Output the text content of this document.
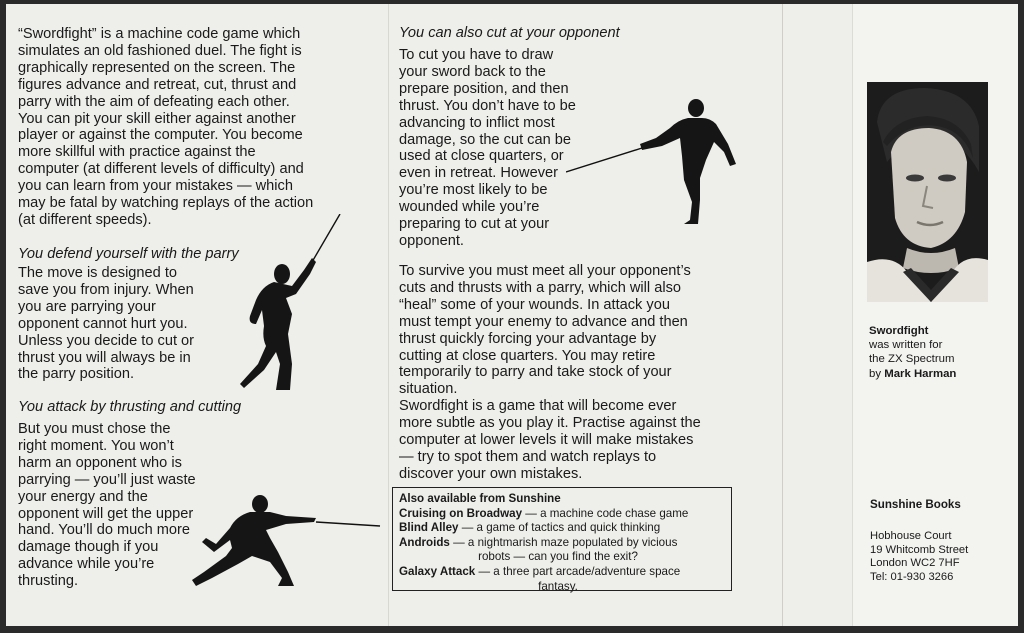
“Swordfight” is a machine code game which
simulates an old fashioned duel. The fight is
graphically represented on the screen. The
figures advance and retreat, cut, thrust and
parry with the aim of defeating each other.
You can pit your skill either against another
player or against the computer. You become
more skillful with practice against the
computer (at different levels of difficulty) and
you can learn from your mistakes — which
may be fatal by watching replays of the action
(at different speeds).
You defend yourself with the parry
The move is designed to
save you from injury. When
you are parrying your
opponent cannot hurt you.
Unless you decide to cut or
thrust you will always be in
the parry position.
You attack by thrusting and cutting
But you must chose the
right moment. You won’t
harm an opponent who is
parrying — you’ll just waste
your energy and the
opponent will get the upper
hand. You’ll do much more
damage though if you
advance while you’re
thrusting.
You can also cut at your opponent
To cut you have to draw
your sword back to the
prepare position, and then
thrust. You don’t have to be
advancing to inflict most
damage, so the cut can be
used at close quarters, or
even in retreat. However
you’re most likely to be
wounded while you’re
preparing to cut at your
opponent.
To survive you must meet all your opponent’s
cuts and thrusts with a parry, which will also
“heal” some of your wounds. In attack you
must tempt your enemy to advance and then
thrust quickly forcing your advantage by
cutting at close quarters. You may retire
temporarily to parry and take stock of your
situation.
Swordfight is a game that will become ever
more subtle as you play it. Practise against the
computer at lower levels it will make mistakes
— try to spot them and watch replays to
discover your own mistakes.
Also available from Sunshine
Cruising on Broadway — a machine code chase game
Blind Alley — a game of tactics and quick thinking
Androids — a nightmarish maze populated by vicious
robots — can you find the exit?
Galaxy Attack — a three part arcade/adventure space
fantasy.
Swordfight
was written for
the ZX Spectrum
by Mark Harman
Sunshine Books
Hobhouse Court
19 Whitcomb Street
London WC2 7HF
Tel: 01-930 3266
